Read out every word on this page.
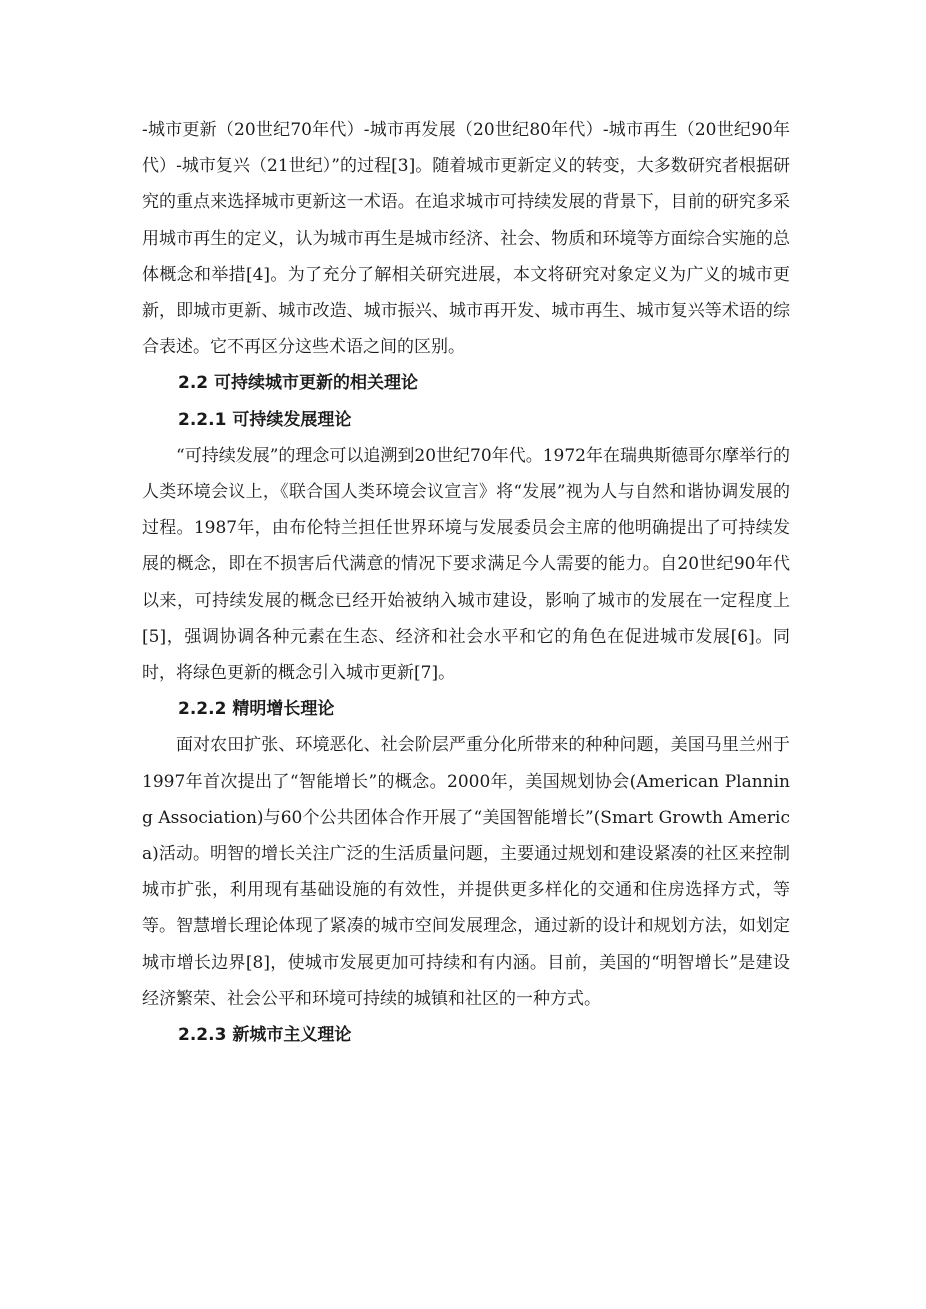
-城市更新（20世纪70年代）-城市再发展（20世纪80年代）-城市再生（20世纪90年代）-城市复兴（21世纪）”的过程[3]。随着城市更新定义的转变，大多数研究者根据研究的重点来选择城市更新这一术语。在追求城市可持续发展的背景下，目前的研究多采用城市再生的定义，认为城市再生是城市经济、社会、物质和环境等方面综合实施的总体概念和举措[4]。为了充分了解相关研究进展，本文将研究对象定义为广义的城市更新，即城市更新、城市改造、城市振兴、城市再开发、城市再生、城市复兴等术语的综合表述。它不再区分这些术语之间的区别。

2.2 可持续城市更新的相关理论
2.2.1 可持续发展理论

“可持续发展”的理念可以追溯到20世纪70年代。1972年在瑞典斯德哥尔摩举行的人类环境会议上，《联合国人类环境会议宣言》将“发展”视为人与自然和谐协调发展的过程。1987年，由布伦特兰担任世界环境与发展委员会主席的他明确提出了可持续发展的概念，即在不损害后代满意的情况下要求满足今人需要的能力。自20世纪90年代以来，可持续发展的概念已经开始被纳入城市建设，影响了城市的发展在一定程度上[5]，强调协调各种元素在生态、经济和社会水平和它的角色在促进城市发展[6]。同时，将绿色更新的概念引入城市更新[7]。

2.2.2 精明增长理论

面对农田扩张、环境恶化、社会阶层严重分化所带来的种种问题，美国马里兰州于1997年首次提出了“智能增长”的概念。2000年，美国规划协会(American Planning Association)与60个公共团体合作开展了“美国智能增长”(Smart Growth America)活动。明智的增长关注广泛的生活质量问题，主要通过规划和建设紧凑的社区来控制城市扩张，利用现有基础设施的有效性，并提供更多样化的交通和住房选择方式，等等。智慧增长理论体现了紧凑的城市空间发展理念，通过新的设计和规划方法，如划定城市增长边界[8]，使城市发展更加可持续和有内涵。目前，美国的“明智增长”是建设经济繁荣、社会公平和环境可持续的城镇和社区的一种方式。

2.2.3 新城市主义理论
